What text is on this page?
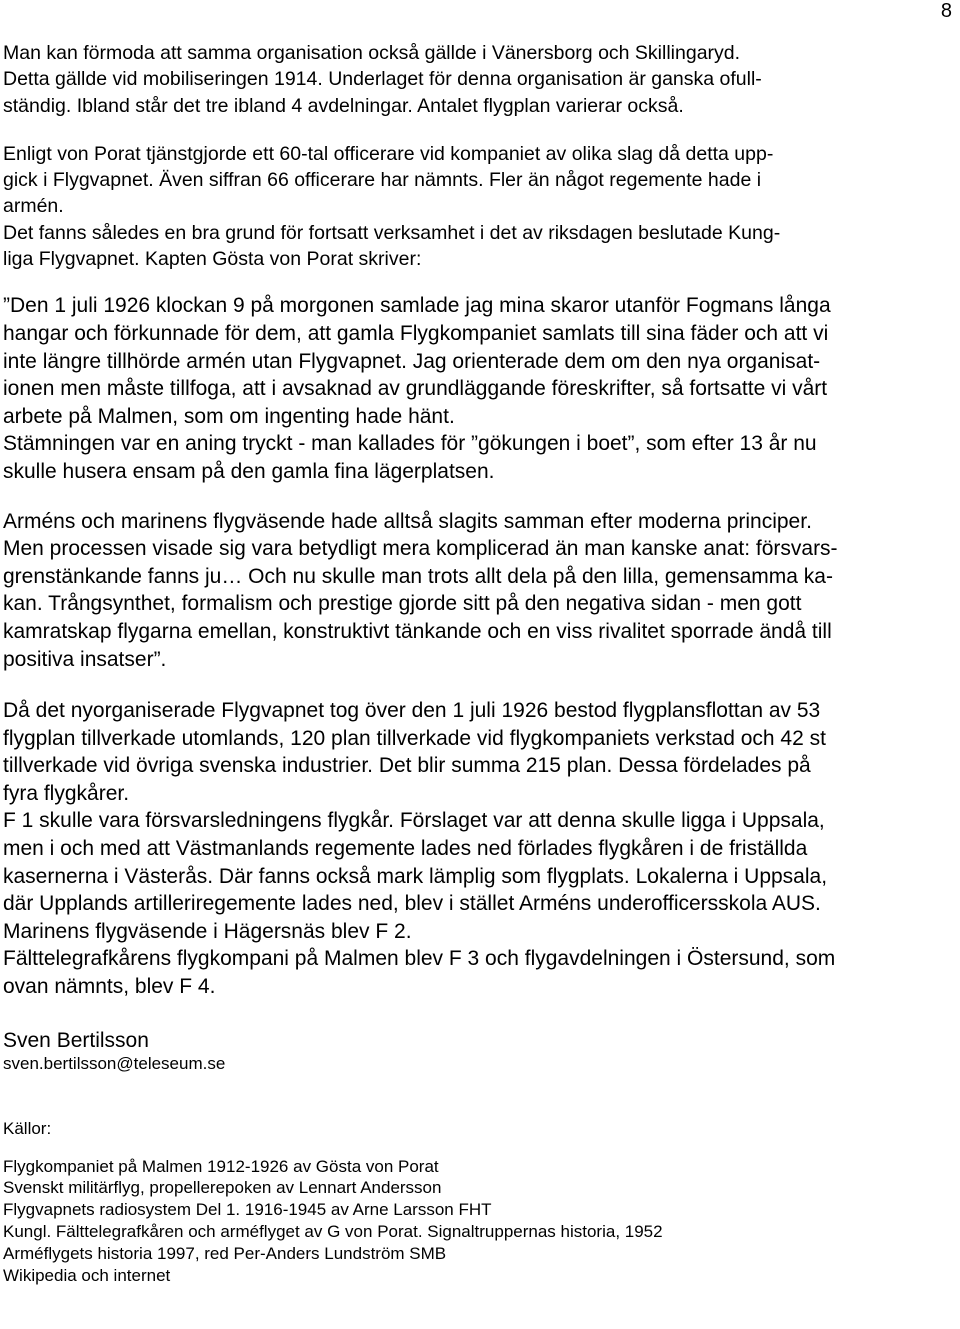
8
Man kan förmoda att samma organisation också gällde i Vänersborg och Skillingaryd.
Detta gällde vid mobiliseringen 1914. Underlaget för denna organisation är ganska ofull-
ständig. Ibland står det tre ibland 4 avdelningar. Antalet flygplan varierar också.
Enligt von Porat tjänstgjorde ett 60-tal officerare vid kompaniet av olika slag då detta upp-
gick i Flygvapnet. Även siffran 66 officerare har nämnts. Fler än något regemente hade i
armén.
Det fanns således en bra grund för fortsatt verksamhet i det av riksdagen beslutade Kung-
liga Flygvapnet. Kapten Gösta von Porat skriver:
”Den 1 juli 1926 klockan 9 på morgonen samlade jag mina skaror utanför Fogmans långa
hangar och förkunnade för dem, att gamla Flygkompaniet samlats till sina fäder och att vi
inte längre tillhörde armén utan Flygvapnet. Jag orienterade dem om den nya organisat-
ionen men måste tillfoga, att i avsaknad av grundläggande föreskrifter, så fortsatte vi vårt
arbete på Malmen, som om ingenting hade hänt.
Stämningen var en aning tryckt - man kallades för ”gökungen i boet”, som efter 13 år nu
skulle husera ensam på den gamla fina lägerplatsen.
Arméns och marinens flygväsende hade alltså slagits samman efter moderna principer.
Men processen visade sig vara betydligt mera komplicerad än man kanske anat: försvars-
grenstänkande fanns ju… Och nu skulle man trots allt dela på den lilla, gemensamma ka-
kan. Trångsynthet, formalism och prestige gjorde sitt på den negativa sidan - men gott
kamratskap flygarna emellan, konstruktivt tänkande och en viss rivalitet sporrade ändå till
positiva insatser”.
Då det nyorganiserade Flygvapnet tog över den 1 juli 1926 bestod flygplansflottan av 53
flygplan tillverkade utomlands, 120 plan tillverkade vid flygkompaniets verkstad och 42 st
tillverkade vid övriga svenska industrier. Det blir summa 215 plan. Dessa fördelades på
fyra flygkårer.
F 1 skulle vara försvarsledningens flygkår. Förslaget var att denna skulle ligga i Uppsala,
men i och med att Västmanlands regemente lades ned förlades flygkåren i de friställda
kasernerna i Västerås. Där fanns också mark lämplig som flygplats. Lokalerna i Uppsala,
där Upplands artilleriregemente lades ned, blev i stället Arméns underofficersskola AUS.
Marinens flygväsende i Hägersnäs blev F 2.
Fälttelegrafkårens flygkompani på Malmen blev F 3 och flygavdelningen i Östersund, som
ovan nämnts, blev F 4.
Sven Bertilsson
sven.bertilsson@teleseum.se
Källor:
Flygkompaniet på Malmen 1912-1926 av Gösta von Porat
Svenskt militärflyg, propellerepoken av Lennart Andersson
Flygvapnets radiosystem Del 1. 1916-1945 av Arne Larsson FHT
Kungl. Fälttelegrafkåren och arméflyget av G von Porat. Signaltruppernas historia, 1952
Arméflygets historia 1997, red Per-Anders Lundström SMB
Wikipedia och internet
